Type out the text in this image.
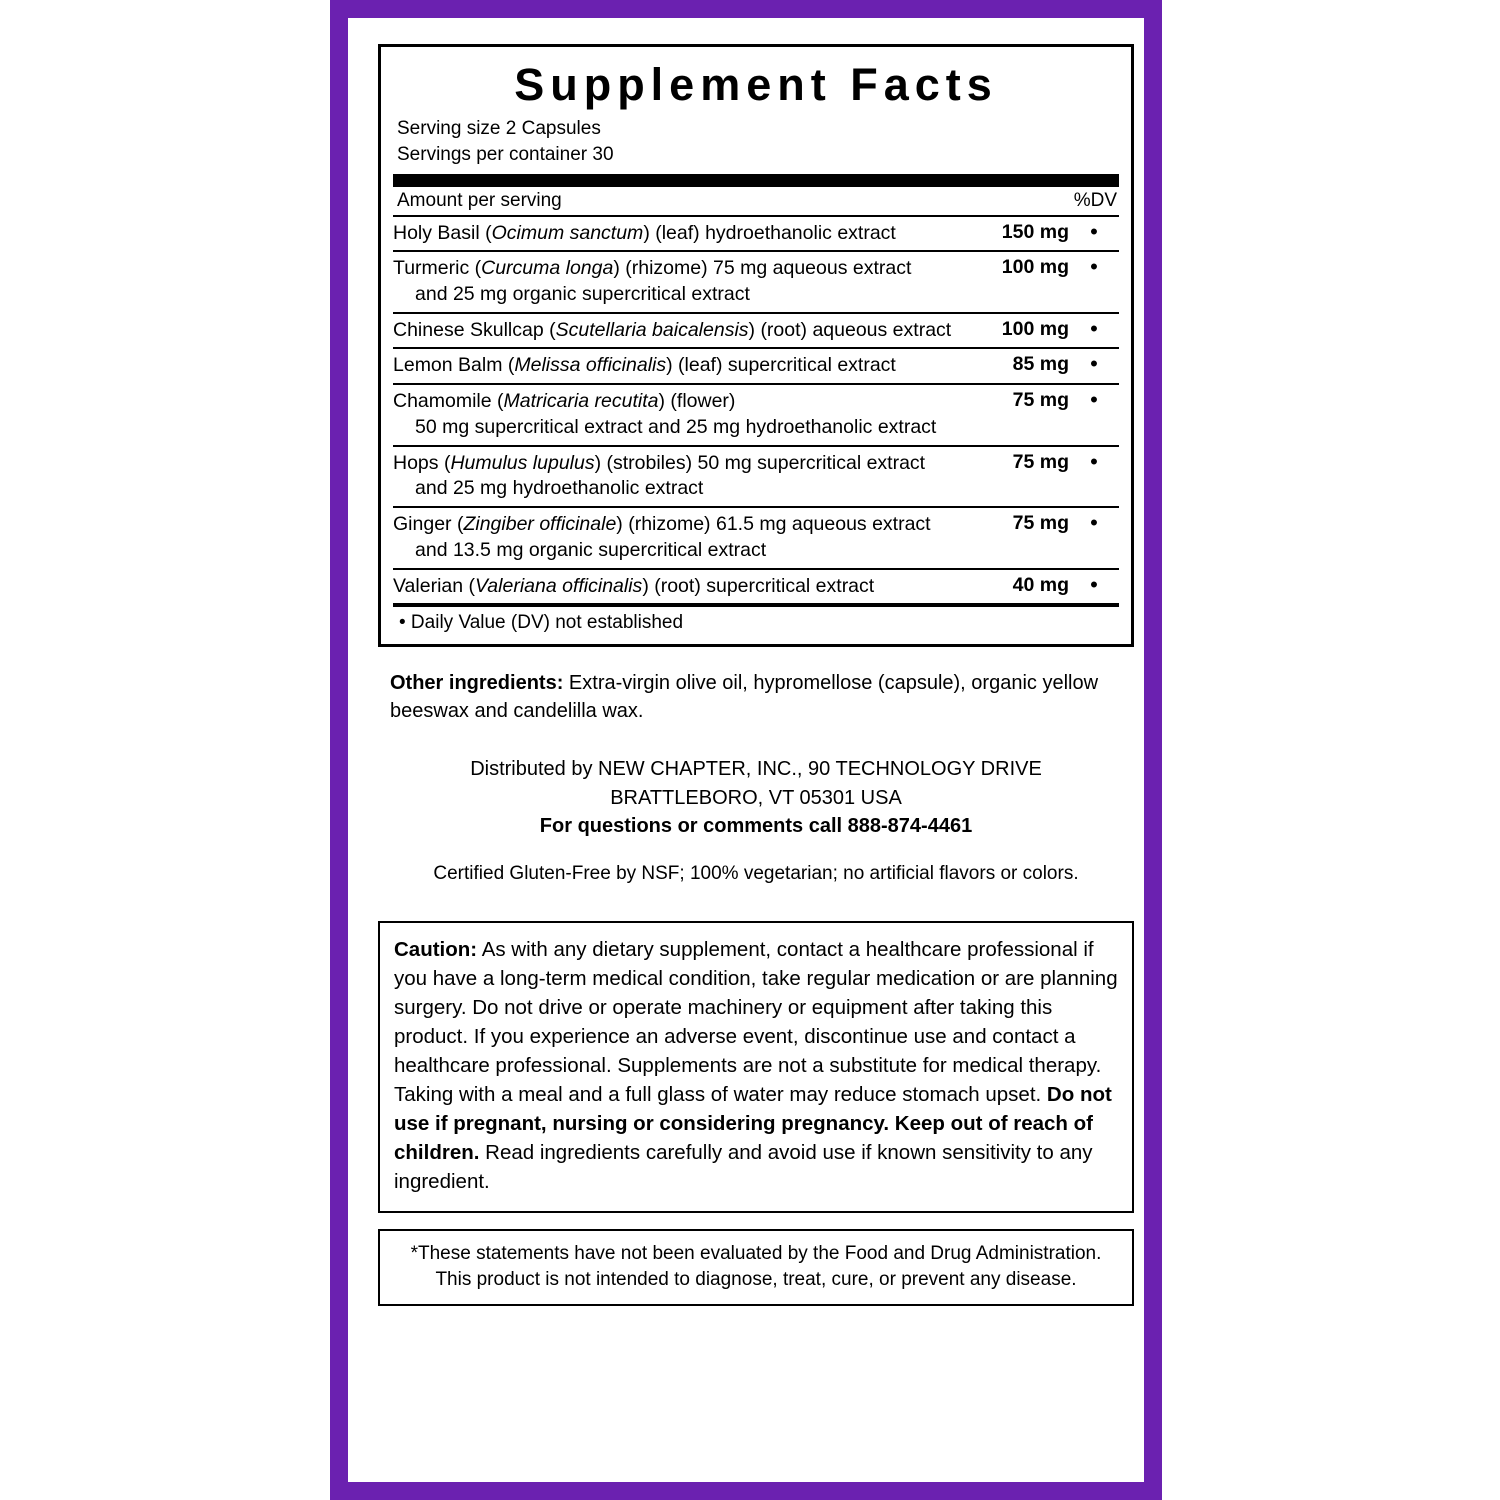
Supplement Facts
Serving size 2 Capsules
Servings per container 30
Amount per serving	%DV
Holy Basil (Ocimum sanctum) (leaf) hydroethanolic extract	150 mg	•
Turmeric (Curcuma longa) (rhizome) 75 mg aqueous extract
and 25 mg organic supercritical extract	100 mg	•
Chinese Skullcap (Scutellaria baicalensis) (root) aqueous extract	100 mg	•
Lemon Balm (Melissa officinalis) (leaf) supercritical extract	85 mg	•
Chamomile (Matricaria recutita) (flower)
50 mg supercritical extract and 25 mg hydroethanolic extract	75 mg	•
Hops (Humulus lupulus) (strobiles) 50 mg supercritical extract
and 25 mg hydroethanolic extract	75 mg	•
Ginger (Zingiber officinale) (rhizome) 61.5 mg aqueous extract
and 13.5 mg organic supercritical extract	75 mg	•
Valerian (Valeriana officinalis) (root) supercritical extract	40 mg	•
• Daily Value (DV) not established
Other ingredients: Extra-virgin olive oil, hypromellose (capsule), organic yellow beeswax and candelilla wax.
Distributed by NEW CHAPTER, INC., 90 TECHNOLOGY DRIVE
BRATTLEBORO, VT 05301 USA
For questions or comments call 888-874-4461
Certified Gluten-Free by NSF; 100% vegetarian; no artificial flavors or colors.
Caution: As with any dietary supplement, contact a healthcare professional if you have a long-term medical condition, take regular medication or are planning surgery. Do not drive or operate machinery or equipment after taking this product. If you experience an adverse event, discontinue use and contact a healthcare professional. Supplements are not a substitute for medical therapy. Taking with a meal and a full glass of water may reduce stomach upset. Do not use if pregnant, nursing or considering pregnancy. Keep out of reach of children. Read ingredients carefully and avoid use if known sensitivity to any ingredient.
*These statements have not been evaluated by the Food and Drug Administration.
This product is not intended to diagnose, treat, cure, or prevent any disease.
